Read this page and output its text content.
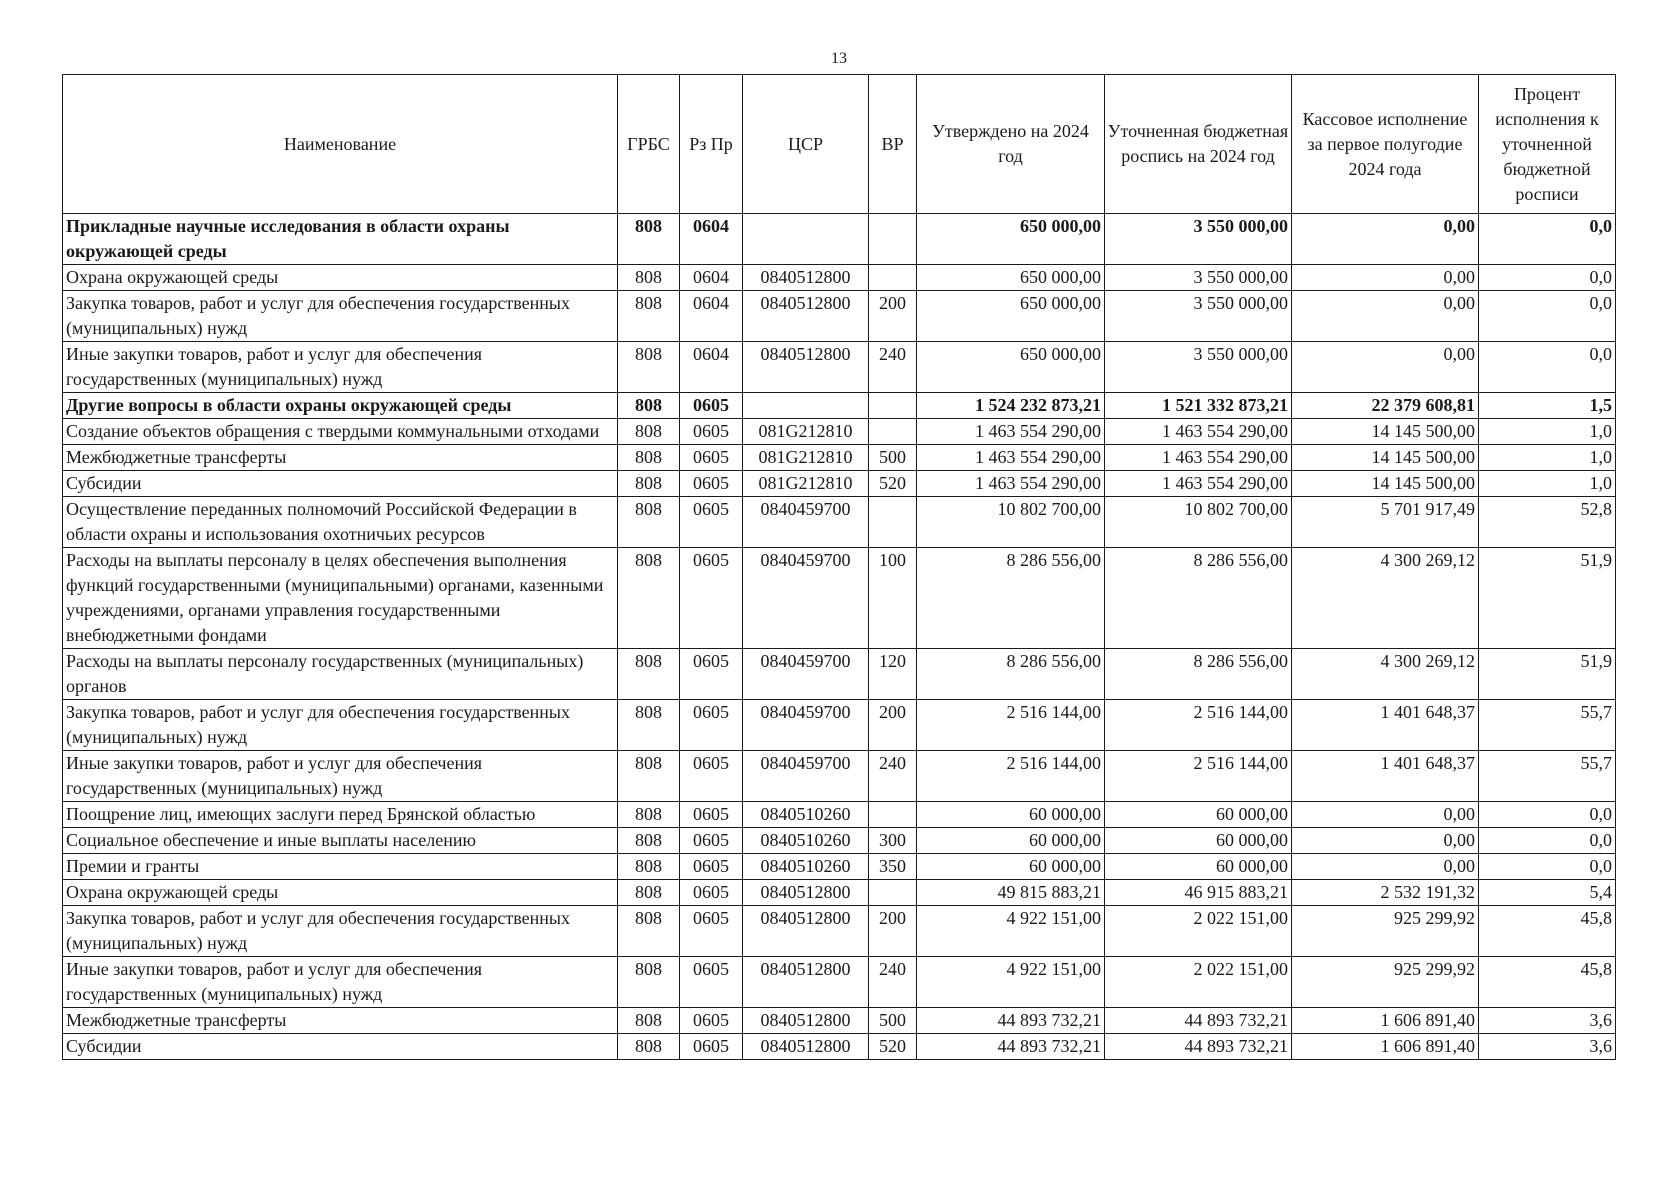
13
Наименование	ГРБС	Рз Пр	ЦСР	ВР	Утверждено на 2024 год	Уточненная бюджетная роспись на 2024 год	Кассовое исполнение за первое полугодие 2024 года	Процент исполнения к уточненной бюджетной росписи
Прикладные научные исследования в области охраны окружающей среды	808	0604			650 000,00	3 550 000,00	0,00	0,0
Охрана окружающей среды	808	0604	0840512800		650 000,00	3 550 000,00	0,00	0,0
Закупка товаров, работ и услуг для обеспечения государственных (муниципальных) нужд	808	0604	0840512800	200	650 000,00	3 550 000,00	0,00	0,0
Иные закупки товаров, работ и услуг для обеспечения государственных (муниципальных) нужд	808	0604	0840512800	240	650 000,00	3 550 000,00	0,00	0,0
Другие вопросы в области охраны окружающей среды	808	0605			1 524 232 873,21	1 521 332 873,21	22 379 608,81	1,5
Создание объектов обращения с твердыми коммунальными отходами	808	0605	081G212810		1 463 554 290,00	1 463 554 290,00	14 145 500,00	1,0
Межбюджетные трансферты	808	0605	081G212810	500	1 463 554 290,00	1 463 554 290,00	14 145 500,00	1,0
Субсидии	808	0605	081G212810	520	1 463 554 290,00	1 463 554 290,00	14 145 500,00	1,0
Осуществление переданных полномочий Российской Федерации в области охраны и использования охотничьих ресурсов	808	0605	0840459700		10 802 700,00	10 802 700,00	5 701 917,49	52,8
Расходы на выплаты персоналу в целях обеспечения выполнения функций государственными (муниципальными) органами, казенными учреждениями, органами управления государственными внебюджетными фондами	808	0605	0840459700	100	8 286 556,00	8 286 556,00	4 300 269,12	51,9
Расходы на выплаты персоналу государственных (муниципальных) органов	808	0605	0840459700	120	8 286 556,00	8 286 556,00	4 300 269,12	51,9
Закупка товаров, работ и услуг для обеспечения государственных (муниципальных) нужд	808	0605	0840459700	200	2 516 144,00	2 516 144,00	1 401 648,37	55,7
Иные закупки товаров, работ и услуг для обеспечения государственных (муниципальных) нужд	808	0605	0840459700	240	2 516 144,00	2 516 144,00	1 401 648,37	55,7
Поощрение лиц, имеющих заслуги перед Брянской областью	808	0605	0840510260		60 000,00	60 000,00	0,00	0,0
Социальное обеспечение и иные выплаты населению	808	0605	0840510260	300	60 000,00	60 000,00	0,00	0,0
Премии и гранты	808	0605	0840510260	350	60 000,00	60 000,00	0,00	0,0
Охрана окружающей среды	808	0605	0840512800		49 815 883,21	46 915 883,21	2 532 191,32	5,4
Закупка товаров, работ и услуг для обеспечения государственных (муниципальных) нужд	808	0605	0840512800	200	4 922 151,00	2 022 151,00	925 299,92	45,8
Иные закупки товаров, работ и услуг для обеспечения государственных (муниципальных) нужд	808	0605	0840512800	240	4 922 151,00	2 022 151,00	925 299,92	45,8
Межбюджетные трансферты	808	0605	0840512800	500	44 893 732,21	44 893 732,21	1 606 891,40	3,6
Субсидии	808	0605	0840512800	520	44 893 732,21	44 893 732,21	1 606 891,40	3,6
